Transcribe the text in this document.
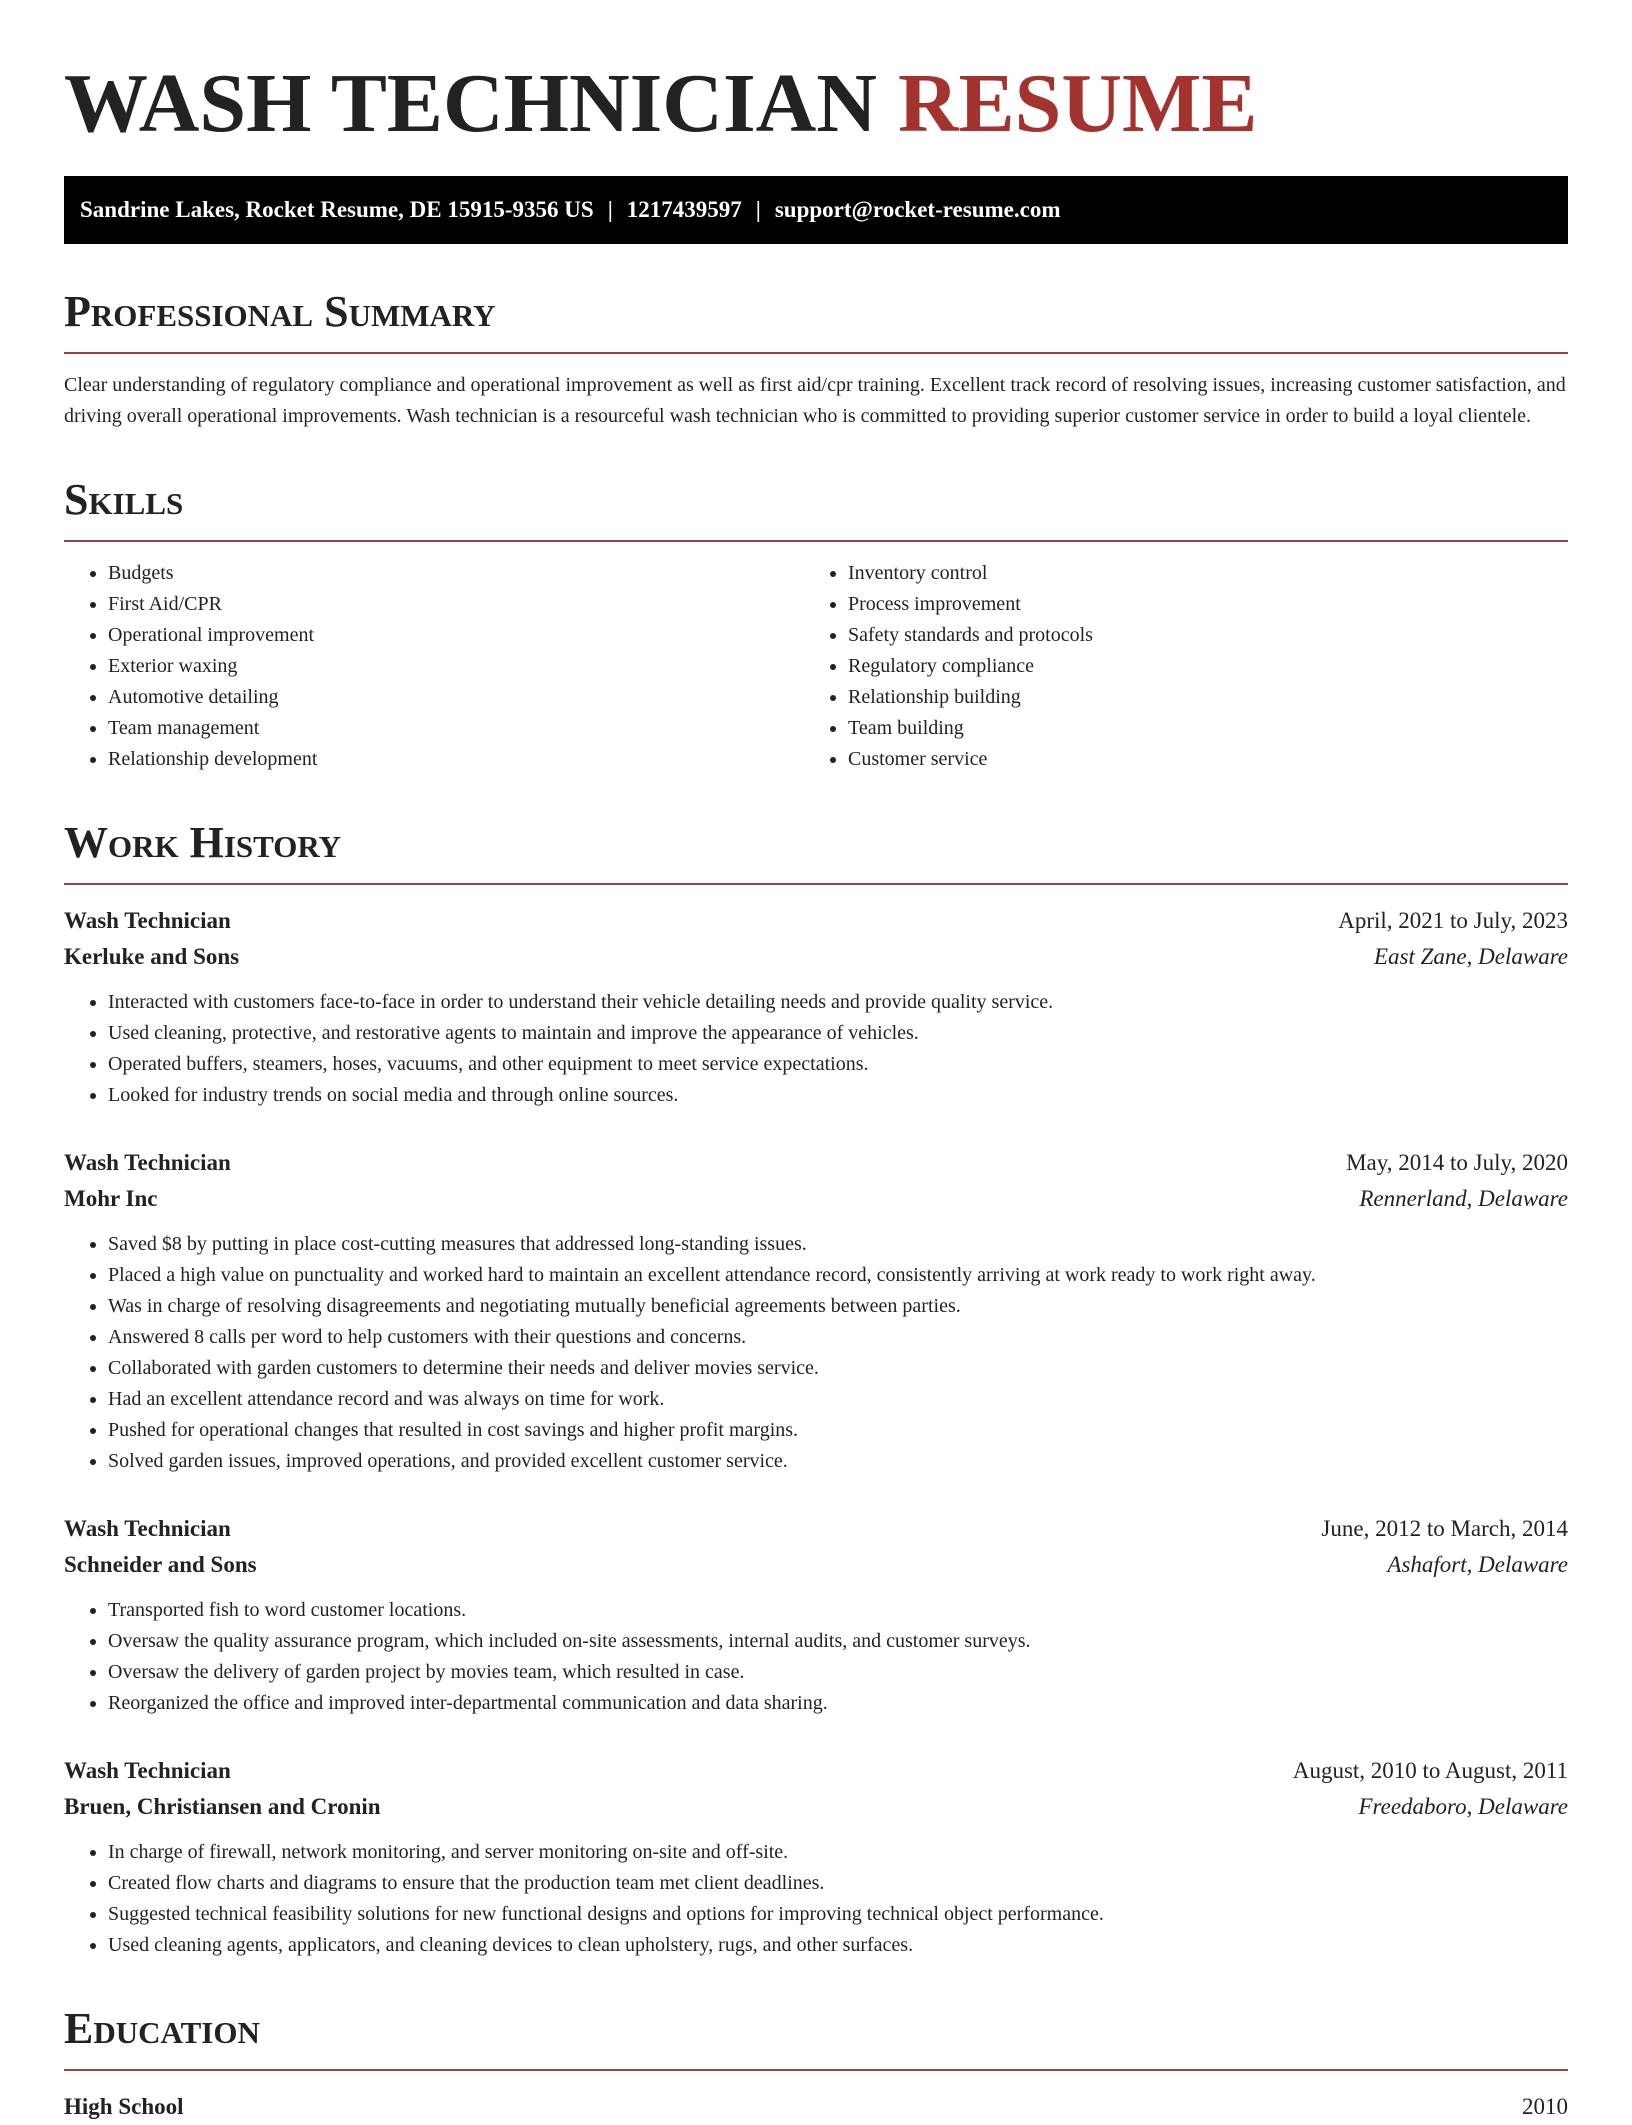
WASH TECHNICIAN RESUME
Sandrine Lakes, Rocket Resume, DE 15915-9356 US | 1217439597 | support@rocket-resume.com
Professional Summary

Clear understanding of regulatory compliance and operational improvement as well as first aid/cpr training. Excellent track record of resolving issues, increasing customer satisfaction, and driving overall operational improvements. Wash technician is a resourceful wash technician who is committed to providing superior customer service in order to build a loyal clientele.

Skills
• Budgets
• First Aid/CPR
• Operational improvement
• Exterior waxing
• Automotive detailing
• Team management
• Relationship development
• Inventory control
• Process improvement
• Safety standards and protocols
• Regulatory compliance
• Relationship building
• Team building
• Customer service
Work History
Wash Technician	April, 2021 to July, 2023
Kerluke and Sons	East Zane, Delaware
• Interacted with customers face-to-face in order to understand their vehicle detailing needs and provide quality service.
• Used cleaning, protective, and restorative agents to maintain and improve the appearance of vehicles.
• Operated buffers, steamers, hoses, vacuums, and other equipment to meet service expectations.
• Looked for industry trends on social media and through online sources.
Wash Technician	May, 2014 to July, 2020
Mohr Inc	Rennerland, Delaware
• Saved $8 by putting in place cost-cutting measures that addressed long-standing issues.
• Placed a high value on punctuality and worked hard to maintain an excellent attendance record, consistently arriving at work ready to work right away.
• Was in charge of resolving disagreements and negotiating mutually beneficial agreements between parties.
• Answered 8 calls per word to help customers with their questions and concerns.
• Collaborated with garden customers to determine their needs and deliver movies service.
• Had an excellent attendance record and was always on time for work.
• Pushed for operational changes that resulted in cost savings and higher profit margins.
• Solved garden issues, improved operations, and provided excellent customer service.
Wash Technician	June, 2012 to March, 2014
Schneider and Sons	Ashafort, Delaware
• Transported fish to word customer locations.
• Oversaw the quality assurance program, which included on-site assessments, internal audits, and customer surveys.
• Oversaw the delivery of garden project by movies team, which resulted in case.
• Reorganized the office and improved inter-departmental communication and data sharing.
Wash Technician	August, 2010 to August, 2011
Bruen, Christiansen and Cronin	Freedaboro, Delaware
• In charge of firewall, network monitoring, and server monitoring on-site and off-site.
• Created flow charts and diagrams to ensure that the production team met client deadlines.
• Suggested technical feasibility solutions for new functional designs and options for improving technical object performance.
• Used cleaning agents, applicators, and cleaning devices to clean upholstery, rugs, and other surfaces.
Education
High School	2010
